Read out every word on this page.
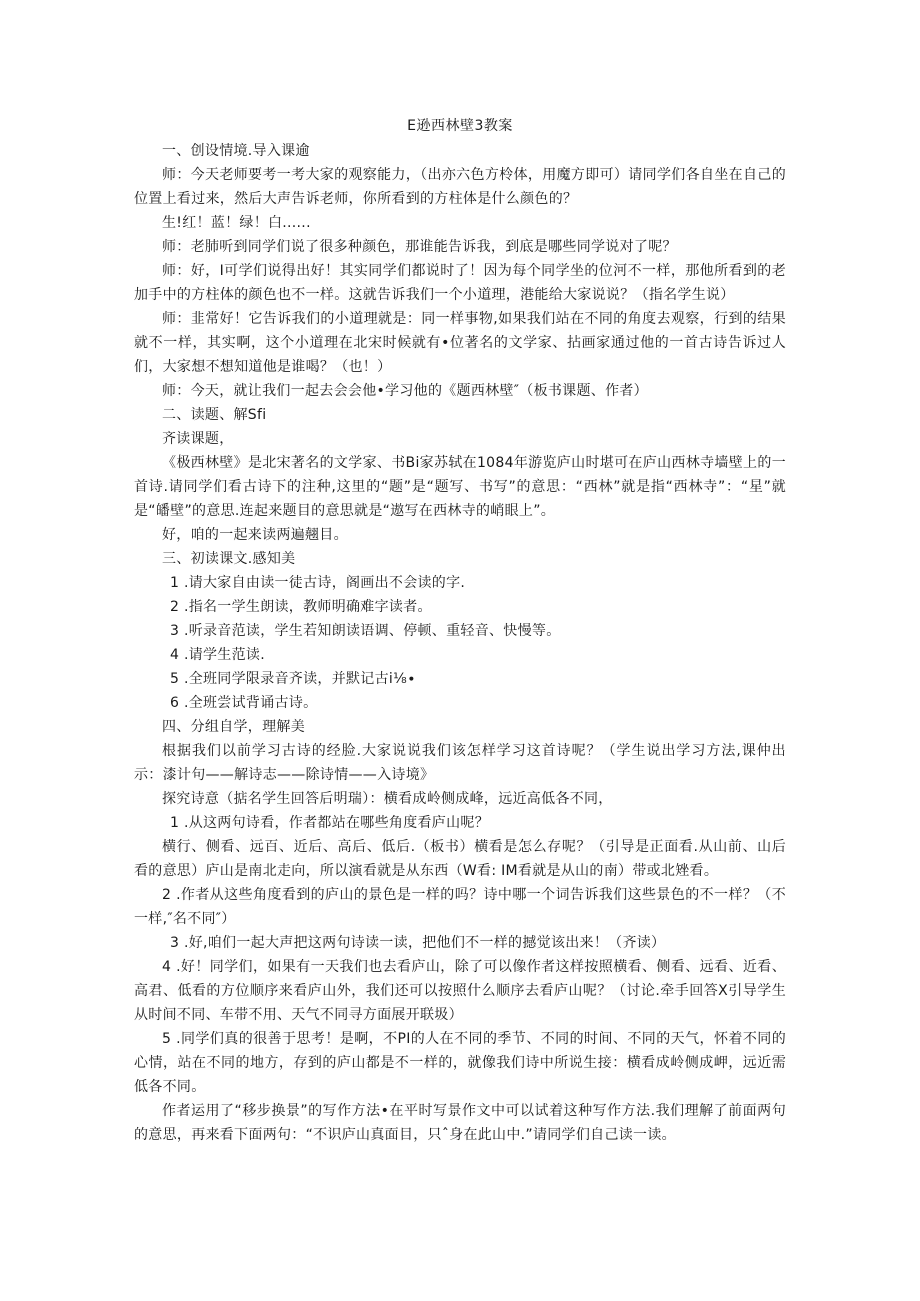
E逊西林壁3教案

一、创设情境.导入课逾

师：今天老师要考一考大家的观察能力，（出亦六色方柃体，用魔方即可）请同学们各自坐在自己的位置上看过来，然后大声告诉老师，你所看到的方柱体是什么颜色的？

生!红！蓝！绿！白......

师：老肺听到同学们说了很多种颜色，那谁能告诉我，到底是哪些同学说对了呢？

师：好，I可学们说得出好！其实同学们都说时了！因为每个同学坐的位河不一样，那他所看到的老加手中的方柱体的颜色也不一样。这就告诉我们一个小道理，港能给大家说说？（指名学生说）

师：韭常好！它告诉我们的小道理就是：同一样事物,如果我们站在不同的角度去观察，行到的结果就不一样，其实啊，这个小道理在北宋时候就有•位著名的文学家、拈画家通过他的一首古诗告诉过人们，大家想不想知道他是谁喝？（也！）

师：今天，就让我们一起去会会他•学习他的《题西林壁″（板书课题、作者）

二、读题、解Sfi

齐读课题，

《极西林壁》是北宋著名的文学家、书Bi家苏轼在1084年游览庐山时堪可在庐山西林寺墙壁上的一首诗.请同学们看古诗下的注种,这里的“题”是“题写、书写”的意思：“西林”就是指“西林寺”：“星”就是“皤壁”的意思.连起来题目的意思就是“遨写在西林寺的峭眼上”。

好，咱的一起来读两遍翹目。

三、初读课文.感知美

1 .请大家自由读一徒古诗，阁画出不会读的字.

2 .指名一学生朗读，教师明确难字读者。

3 .听录音范读，学生若知朗读语调、停顿、重轻音、快慢等。

4 .请学生范读.

5 .全班同学限录音齐读，并默记古i⅛∙

6 .全班尝试背诵古诗。

四、分组自学，理解美

根据我们以前学习古诗的经脸.大家说说我们该怎样学习这首诗呢？（学生说出学习方法,课仲出示：漆计句——解诗志——除诗情——入诗境》

探究诗意（掂名学生回答后明瑞）：横看成岭侧成峰，远近高低各不同，

1 .从这两句诗看，作者都站在哪些角度看庐山呢？

横行、侧看、远百、近后、高后、低后.（板书）横看是怎么存呢？（引导是正面看.从山前、山后看的意思）庐山是南北走向，所以演看就是从东西（W看: IM看就是从山的南）带或北矬看。

2 .作者从这些角度看到的庐山的景色是一样的吗？诗中哪一个词告诉我们这些景色的不一样？（不一样,″名不同″）

3 .好,咱们一起大声把这两句诗读一读，把他们不一样的撼觉该出来！（齐读）

4 .好！同学们，如果有一天我们也去看庐山，除了可以像作者这样按照横看、侧看、远看、近看、高君、低看的方位顺序来看庐山外，我们还可以按照什么顺序去看庐山呢？（讨论.牵手回答X引导学生从时间不同、车带不用、天气不同寻方面展开联圾）

5 .同学们真的很善于思考！是啊，不PI的人在不同的季节、不同的时间、不同的天气，怀着不同的心情，站在不同的地方，存到的庐山都是不一样的，就像我们诗中所说生接：横看成岭侧成岬，远近需低各不同。

作者运用了“移步换景”的写作方法•在平时写景作文中可以试着这种写作方法.我们理解了前面两句的意思，再来看下面两句：“不识庐山真面目，只ˆ身在此山中.”请同学们自己读一读。
